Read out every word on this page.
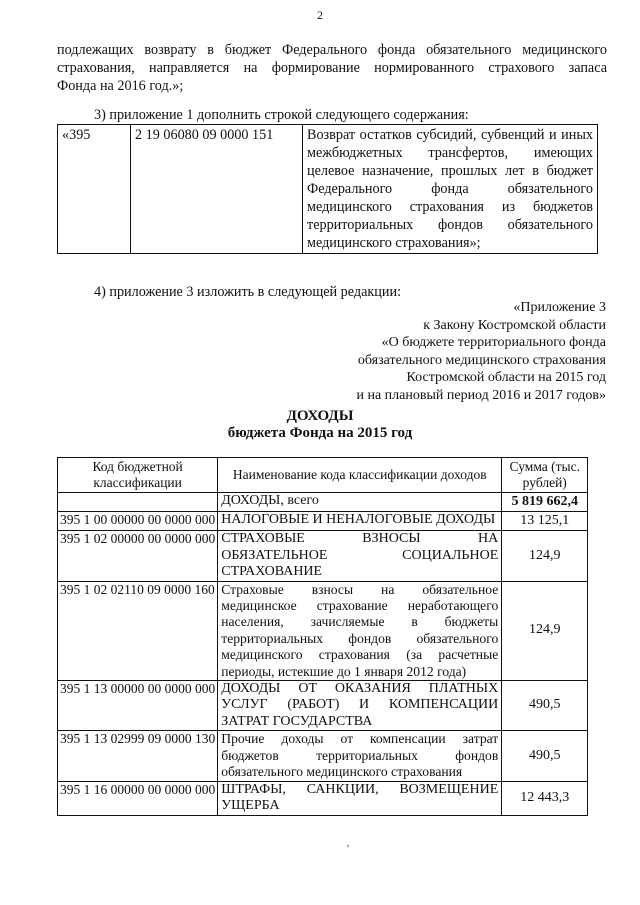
2
подлежащих возврату в бюджет Федерального фонда обязательного медицинского
страхования, направляется на формирование нормированного страхового запаса
Фонда на 2016 год.»;
3) приложение 1 дополнить строкой следующего содержания:
«395	2 19 06080 09 0000 151	Возврат остатков субсидий, субвенций и иных межбюджетных трансфертов, имеющих целевое назначение, прошлых лет в бюджет Федерального фонда обязательного медицинского страхования из бюджетов территориальных фондов обязательного медицинского страхования»;
4) приложение 3 изложить в следующей редакции:
«Приложение 3
к Закону Костромской области
«О бюджете территориального фонда
обязательного медицинского страхования
Костромской области на 2015 год
и на плановый период 2016 и 2017 годов»
ДОХОДЫ
бюджета Фонда на 2015 год
Код бюджетной классификации	Наименование кода классификации доходов	Сумма (тыс. рублей)
	ДОХОДЫ, всего	5 819 662,4
395 1 00 00000 00 0000 000	НАЛОГОВЫЕ И НЕНАЛОГОВЫЕ ДОХОДЫ	13 125,1
395 1 02 00000 00 0000 000	СТРАХОВЫЕ ВЗНОСЫ НА ОБЯЗАТЕЛЬНОЕ СОЦИАЛЬНОЕ СТРАХОВАНИЕ	124,9
395 1 02 02110 09 0000 160	Страховые взносы на обязательное медицинское страхование неработающего населения, зачисляемые в бюджеты территориальных фондов обязательного медицинского страхования (за расчетные периоды, истекшие до 1 января 2012 года)	124,9
395 1 13 00000 00 0000 000	ДОХОДЫ ОТ ОКАЗАНИЯ ПЛАТНЫХ УСЛУГ (РАБОТ) И КОМПЕНСАЦИИ ЗАТРАТ ГОСУДАРСТВА	490,5
395 1 13 02999 09 0000 130	Прочие доходы от компенсации затрат бюджетов территориальных фондов обязательного медицинского страхования	490,5
395 1 16 00000 00 0000 000	ШТРАФЫ, САНКЦИИ, ВОЗМЕЩЕНИЕ УЩЕРБА	12 443,3
ʼ
